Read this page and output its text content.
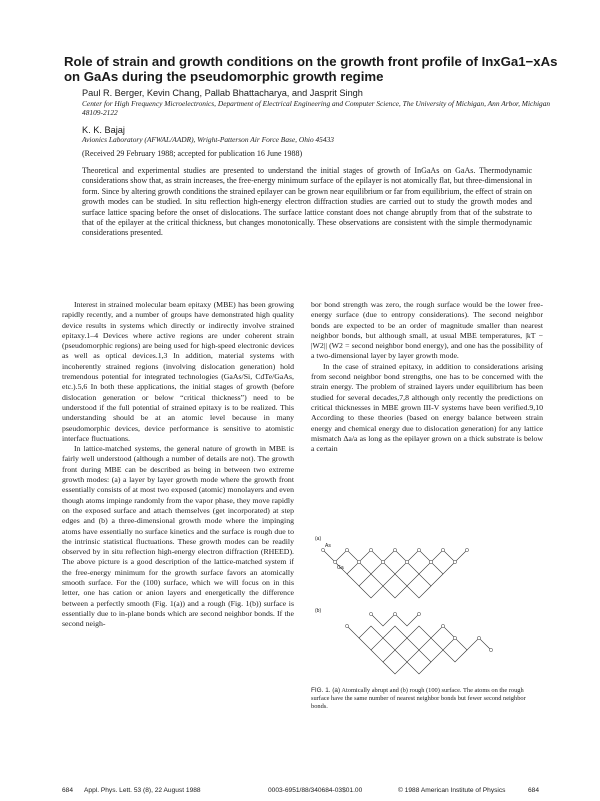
Role of strain and growth conditions on the growth front profile of InxGa1−xAs on GaAs during the pseudomorphic growth regime

Paul R. Berger, Kevin Chang, Pallab Bhattacharya, and Jasprit Singh

Center for High Frequency Microelectronics, Department of Electrical Engineering and Computer Science, The University of Michigan, Ann Arbor, Michigan 48109-2122

K. K. Bajaj

Avionics Laboratory (AFWAL/AADR), Wright-Patterson Air Force Base, Ohio 45433

(Received 29 February 1988; accepted for publication 16 June 1988)

Theoretical and experimental studies are presented to understand the initial stages of growth of InGaAs on GaAs. Thermodynamic considerations show that, as strain increases, the free-energy minimum surface of the epilayer is not atomically flat, but three-dimensional in form. Since by altering growth conditions the strained epilayer can be grown near equilibrium or far from equilibrium, the effect of strain on growth modes can be studied. In situ reflection high-energy electron diffraction studies are carried out to study the growth modes and surface lattice spacing before the onset of dislocations. The surface lattice constant does not change abruptly from that of the substrate to that of the epilayer at the critical thickness, but changes monotonically. These observations are consistent with the simple thermodynamic considerations presented.

Interest in strained molecular beam epitaxy (MBE) has been growing rapidly recently, and a number of groups have demonstrated high quality device results in systems which directly or indirectly involve strained epitaxy.1–4 Devices where active regions are under coherent strain (pseudomorphic regions) are being used for high-speed electronic devices as well as optical devices.1,3 In addition, material systems with incoherently strained regions (involving dislocation generation) hold tremendous potential for integrated technologies (GaAs/Si, CdTe/GaAs, etc.).5,6 In both these applications, the initial stages of growth (before dislocation generation or below “critical thickness”) need to be understood if the full potential of strained epitaxy is to be realized. This understanding should be at an atomic level because in many pseudomorphic devices, device performance is sensitive to atomistic interface fluctuations.

In lattice-matched systems, the general nature of growth in MBE is fairly well understood (although a number of details are not). The growth front during MBE can be described as being in between two extreme growth modes: (a) a layer by layer growth mode where the growth front essentially consists of at most two exposed (atomic) monolayers and even though atoms impinge randomly from the vapor phase, they move rapidly on the exposed surface and attach themselves (get incorporated) at step edges and (b) a three-dimensional growth mode where the impinging atoms have essentially no surface kinetics and the surface is rough due to the intrinsic statistical fluctuations. These growth modes can be readily observed by in situ reflection high-energy electron diffraction (RHEED). The above picture is a good description of the lattice-matched system if the free-energy minimum for the growth surface favors an atomically smooth surface. For the (100) surface, which we will focus on in this letter, one has cation or anion layers and energetically the difference between a perfectly smooth (Fig. 1(a)) and a rough (Fig. 1(b)) surface is essentially due to in-plane bonds which are second neighbor bonds. If the second neigh-

bor bond strength was zero, the rough surface would be the lower free-energy surface (due to entropy considerations). The second neighbor bonds are expected to be an order of magnitude smaller than nearest neighbor bonds, but although small, at usual MBE temperatures, |kT − |W2|| (W2 = second neighbor bond energy), and one has the possibility of a two-dimensional layer by layer growth mode.

In the case of strained epitaxy, in addition to considerations arising from second neighbor bond strengths, one has to be concerned with the strain energy. The problem of strained layers under equilibrium has been studied for several decades,7,8 although only recently the predictions on critical thicknesses in MBE grown III-V systems have been verified.9,10 According to these theories (based on energy balance between strain energy and chemical energy due to dislocation generation) for any lattice mismatch Δa/a as long as the epilayer grown on a thick substrate is below a certain

(a)
As
Ga
(b)

FIG. 1. (a) Atomically abrupt and (b) rough (100) surface. The atoms on the rough surface have the same number of nearest neighbor bonds but fewer second neighbor bonds.

684 Appl. Phys. Lett. 53 (8), 22 August 1988	0003-6951/88/340684-03$01.00	© 1988 American Institute of Physics	684
